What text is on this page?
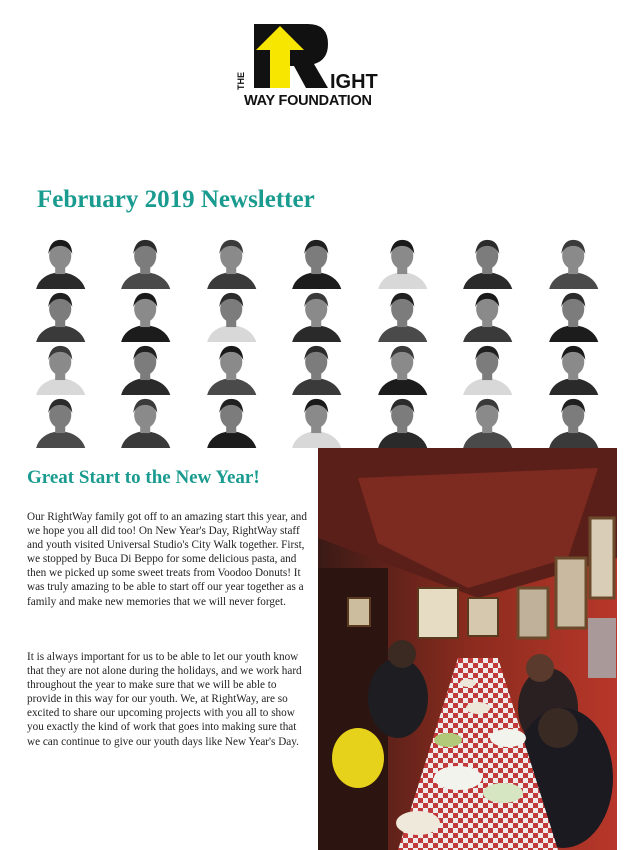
THE	IGHT
WAY FOUNDATION
February 2019 Newsletter
Great Start to the New Year!

Our RightWay family got off to an amazing start this year, and we hope you all did too! On New Year's Day, RightWay staff and youth visited Universal Studio's City Walk together. First, we stopped by Buca Di Beppo for some delicious pasta, and then we picked up some sweet treats from Voodoo Donuts! It was truly amazing to be able to start off our year together as a family and make new memories that we will never forget.

It is always important for us to be able to let our youth know that they are not alone during the holidays, and we work hard throughout the year to make sure that we will be able to provide in this way for our youth. We, at RightWay, are so excited to share our upcoming projects with you all to show you exactly the kind of work that goes into making sure that we can continue to give our youth days like New Year's Day.
